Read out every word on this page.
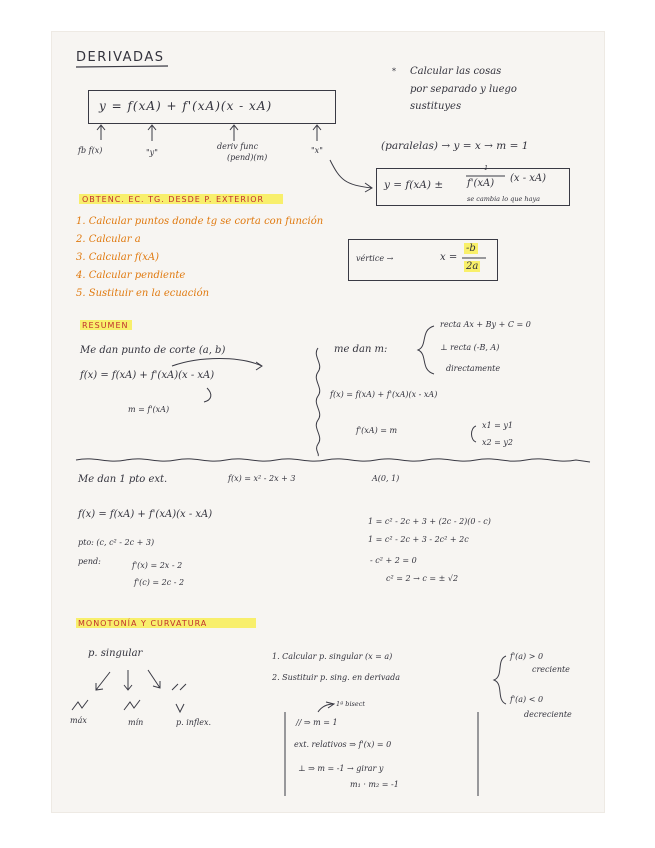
DERIVADAS
y = f(xA) + f'(xA)(x - xA)
fb f(x)	"y"
deriv func
(pend)(m)
"x"
* Calcular las cosas
por separado y luego
sustituyes
(paralelas) → y = x → m = 1
y = f(xA) ±
1
f'(xA) (x - xA)
se cambia lo que haya
OBTENC. EC. TG. DESDE P. EXTERIOR
1. Calcular puntos donde tg se corta con función
2. Calcular a
3. Calcular f(xA)
4. Calcular pendiente
5. Sustituir en la ecuación
vértice →	x =
-b
2a
RESUMEN
Me dan punto de corte (a, b)
f(x) = f(xA) + f'(xA)(x - xA)
m = f'(xA)
me dan m:
recta Ax + By + C = 0
⊥ recta (-B, A)
directamente
f(x) = f(xA) + f'(xA)(x - xA)
f'(xA) = m
x1 = y1
x2 = y2
Me dan 1 pto ext.	f(x) = x² - 2x + 3	A(0, 1)
f(x) = f(xA) + f'(xA)(x - xA)
pto: (c, c² - 2c + 3)
pend:	f'(x) = 2x - 2
f'(c) = 2c - 2
1 = c² - 2c + 3 + (2c - 2)(0 - c)
1 = c² - 2c + 3 - 2c² + 2c
- c² + 2 = 0
c² = 2 → c = ± √2
MONOTONÍA Y CURVATURA
p. singular
máx	mín	p. inflex.
1. Calcular p. singular (x = a)
2. Sustituir p. sing. en derivada
f'(a) > 0
creciente
f'(a) < 0
decreciente
1ª bisect
// ⇒ m = 1
ext. relativos ⇒ f'(x) = 0
⊥ ⇒ m = -1 → girar y
m₁ · m₂ = -1
